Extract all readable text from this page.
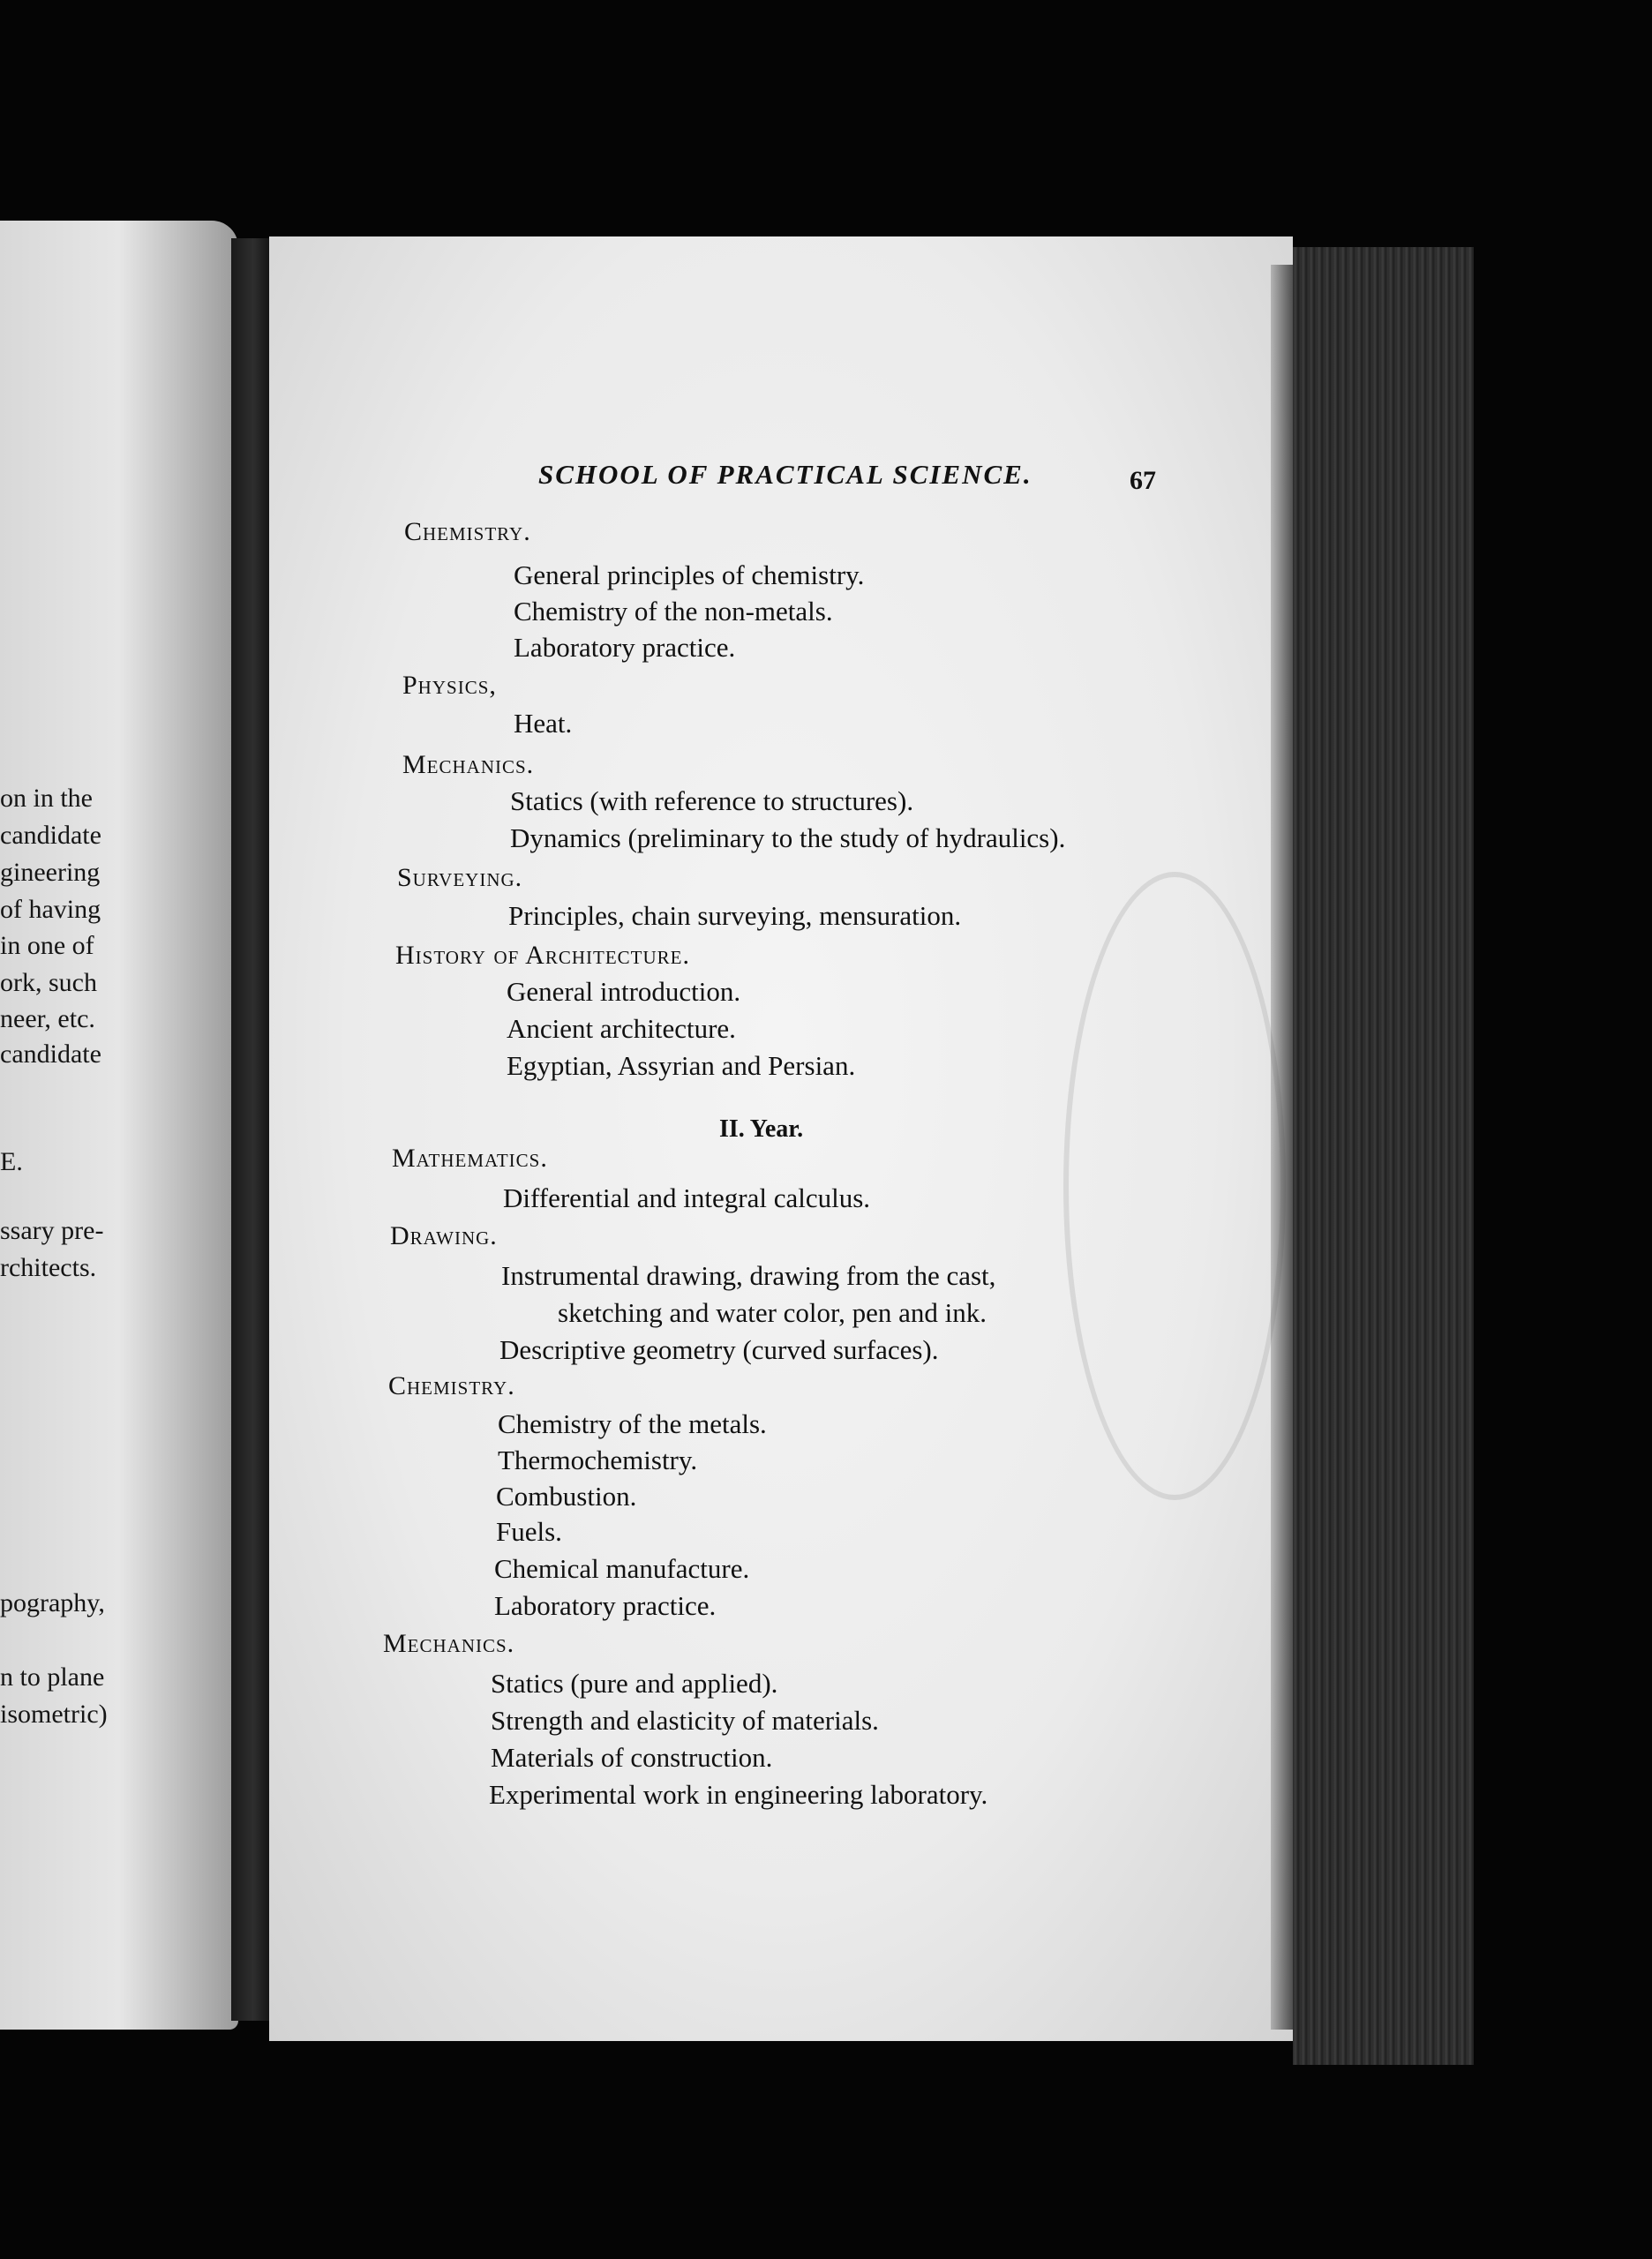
on in the
candidate
gineering
of having
in one of
ork, such
neer, etc.
candidate
E.
ssary pre-
rchitects.
pography,
n to plane
isometric)
SCHOOL OF PRACTICAL SCIENCE.	67
Chemistry.
General principles of chemistry.
Chemistry of the non-metals.
Laboratory practice.
Physics,
Heat.
Mechanics.
Statics (with reference to structures).
Dynamics (preliminary to the study of hydraulics).
Surveying.
Principles, chain surveying, mensuration.
History of Architecture.
General introduction.
Ancient architecture.
Egyptian, Assyrian and Persian.
II. Year.
Mathematics.
Differential and integral calculus.
Drawing.
Instrumental drawing, drawing from the cast,
sketching and water color, pen and ink.
Descriptive geometry (curved surfaces).
Chemistry.
Chemistry of the metals.
Thermochemistry.
Combustion.
Fuels.
Chemical manufacture.
Laboratory practice.
Mechanics.
Statics (pure and applied).
Strength and elasticity of materials.
Materials of construction.
Experimental work in engineering laboratory.
